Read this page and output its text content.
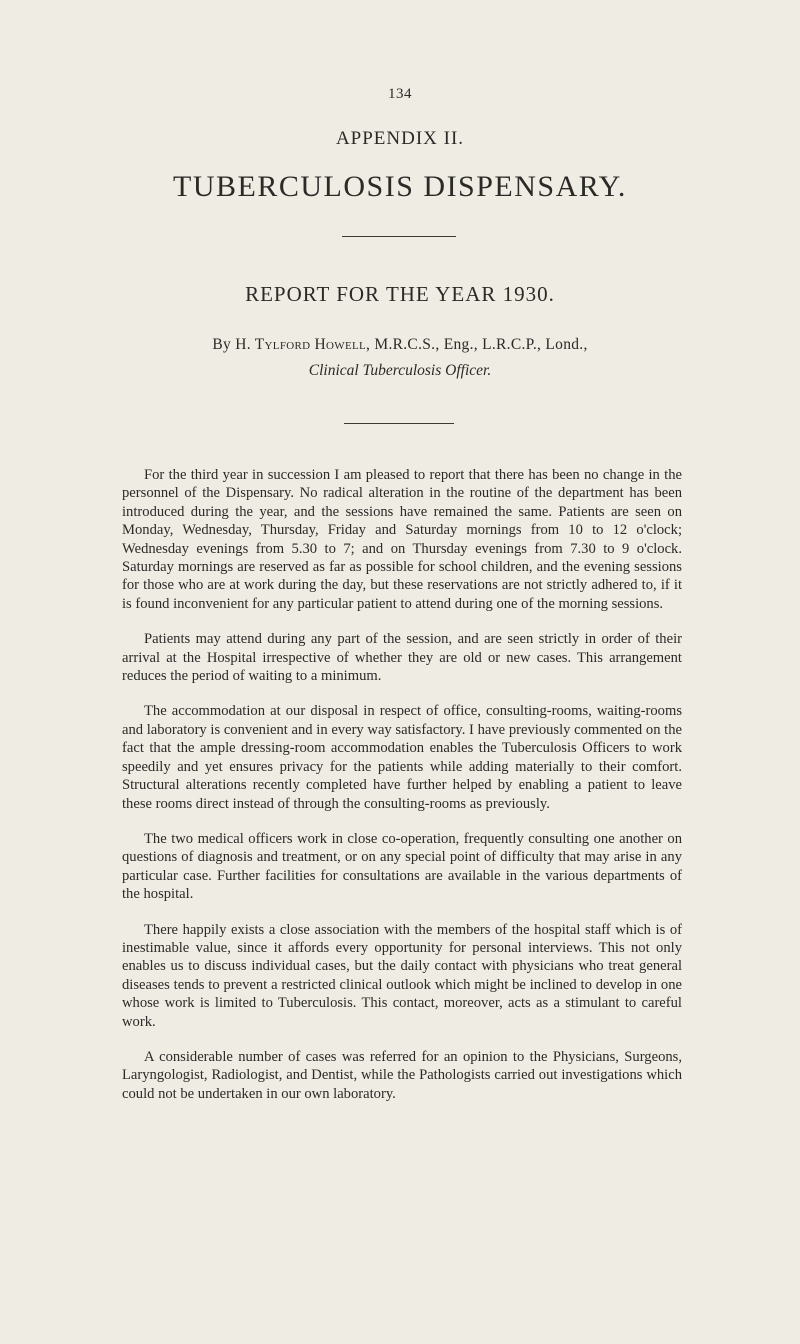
134
APPENDIX II.
TUBERCULOSIS DISPENSARY.
REPORT FOR THE YEAR 1930.
By H. Tylford Howell, M.R.C.S., Eng., L.R.C.P., Lond.,
Clinical Tuberculosis Officer.

For the third year in succession I am pleased to report that there has been no change in the personnel of the Dispensary. No radical alteration in the routine of the department has been introduced during the year, and the sessions have remained the same. Patients are seen on Monday, Wednesday, Thursday, Friday and Saturday mornings from 10 to 12 o'clock; Wednesday evenings from 5.30 to 7; and on Thursday evenings from 7.30 to 9 o'clock. Saturday mornings are reserved as far as possible for school children, and the evening sessions for those who are at work during the day, but these reservations are not strictly adhered to, if it is found inconvenient for any particular patient to attend during one of the morning sessions.

Patients may attend during any part of the session, and are seen strictly in order of their arrival at the Hospital irrespective of whether they are old or new cases. This arrangement reduces the period of waiting to a minimum.

The accommodation at our disposal in respect of office, consulting-rooms, waiting-rooms and laboratory is convenient and in every way satisfactory. I have previously commented on the fact that the ample dressing-room accommodation enables the Tuberculosis Officers to work speedily and yet ensures privacy for the patients while adding materially to their comfort. Structural alterations recently completed have further helped by enabling a patient to leave these rooms direct instead of through the consulting-rooms as previously.

The two medical officers work in close co-operation, frequently consulting one another on questions of diagnosis and treatment, or on any special point of difficulty that may arise in any particular case. Further facilities for consultations are available in the various departments of the hospital.

There happily exists a close association with the members of the hospital staff which is of inestimable value, since it affords every opportunity for personal interviews. This not only enables us to discuss individual cases, but the daily contact with physicians who treat general diseases tends to prevent a restricted clinical outlook which might be inclined to develop in one whose work is limited to Tuberculosis. This contact, moreover, acts as a stimulant to careful work.

A considerable number of cases was referred for an opinion to the Physicians, Surgeons, Laryngologist, Radiologist, and Dentist, while the Pathologists carried out investigations which could not be undertaken in our own laboratory.
